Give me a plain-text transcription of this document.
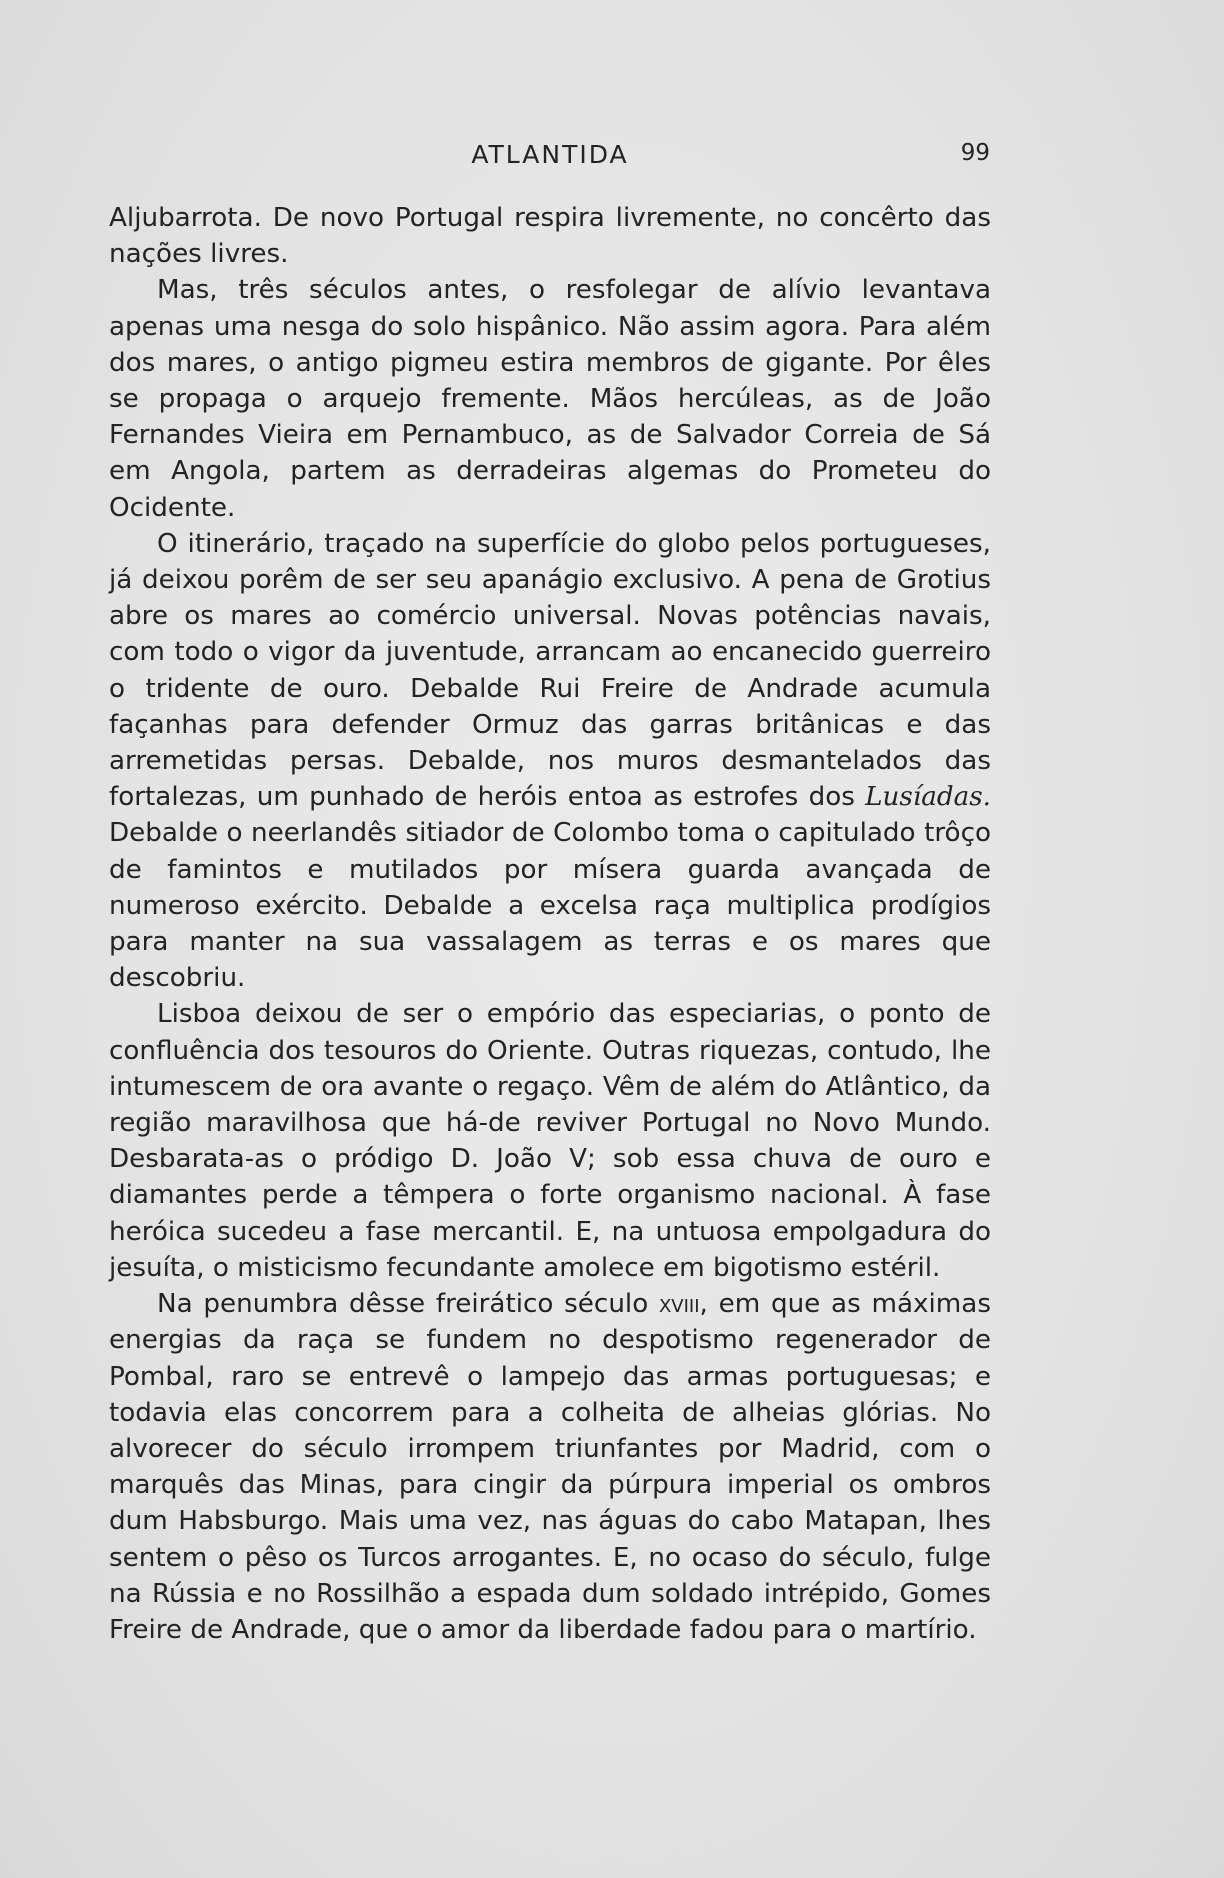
ATLANTIDA	99

Aljubarrota. De novo Portugal respira livremente, no concêrto das nações livres.

Mas, três séculos antes, o resfolegar de alívio levantava apenas uma nesga do solo hispânico. Não assim agora. Para além dos mares, o antigo pigmeu estira membros de gigante. Por êles se propaga o arquejo fremente. Mãos hercúleas, as de João Fernandes Vieira em Pernambuco, as de Salvador Correia de Sá em Angola, partem as derradeiras algemas do Prometeu do Ocidente.

O itinerário, traçado na superfície do globo pelos portugueses, já deixou porêm de ser seu apanágio exclusivo. A pena de Grotius abre os mares ao comércio universal. Novas potências navais, com todo o vigor da juventude, arrancam ao encanecido guerreiro o tridente de ouro. Debalde Rui Freire de Andrade acumula façanhas para defender Ormuz das garras britânicas e das arremetidas persas. Debalde, nos muros desmantelados das fortalezas, um punhado de heróis entoa as estrofes dos Lusíadas. Debalde o neerlandês sitiador de Colombo toma o capitulado trôço de famintos e mutilados por mísera guarda avançada de numeroso exército. Debalde a excelsa raça multiplica prodígios para manter na sua vassalagem as terras e os mares que descobriu.

Lisboa deixou de ser o empório das especiarias, o ponto de confluência dos tesouros do Oriente. Outras riquezas, contudo, lhe intumescem de ora avante o regaço. Vêm de além do Atlântico, da região maravilhosa que há-de reviver Portugal no Novo Mundo. Desbarata-as o pródigo D. João V; sob essa chuva de ouro e diamantes perde a têmpera o forte organismo nacional. À fase heróica sucedeu a fase mercantil. E, na untuosa empolgadura do jesuíta, o misticismo fecundante amolece em bigotismo estéril.

Na penumbra dêsse freirático século xviii, em que as máximas energias da raça se fundem no despotismo regenerador de Pombal, raro se entrevê o lampejo das armas portuguesas; e todavia elas concorrem para a colheita de alheias glórias. No alvorecer do século irrompem triunfantes por Madrid, com o marquês das Minas, para cingir da púrpura imperial os ombros dum Habsburgo. Mais uma vez, nas águas do cabo Matapan, lhes sentem o pêso os Turcos arrogantes. E, no ocaso do século, fulge na Rússia e no Rossilhão a espada dum soldado intrépido, Gomes Freire de Andrade, que o amor da liberdade fadou para o martírio.
